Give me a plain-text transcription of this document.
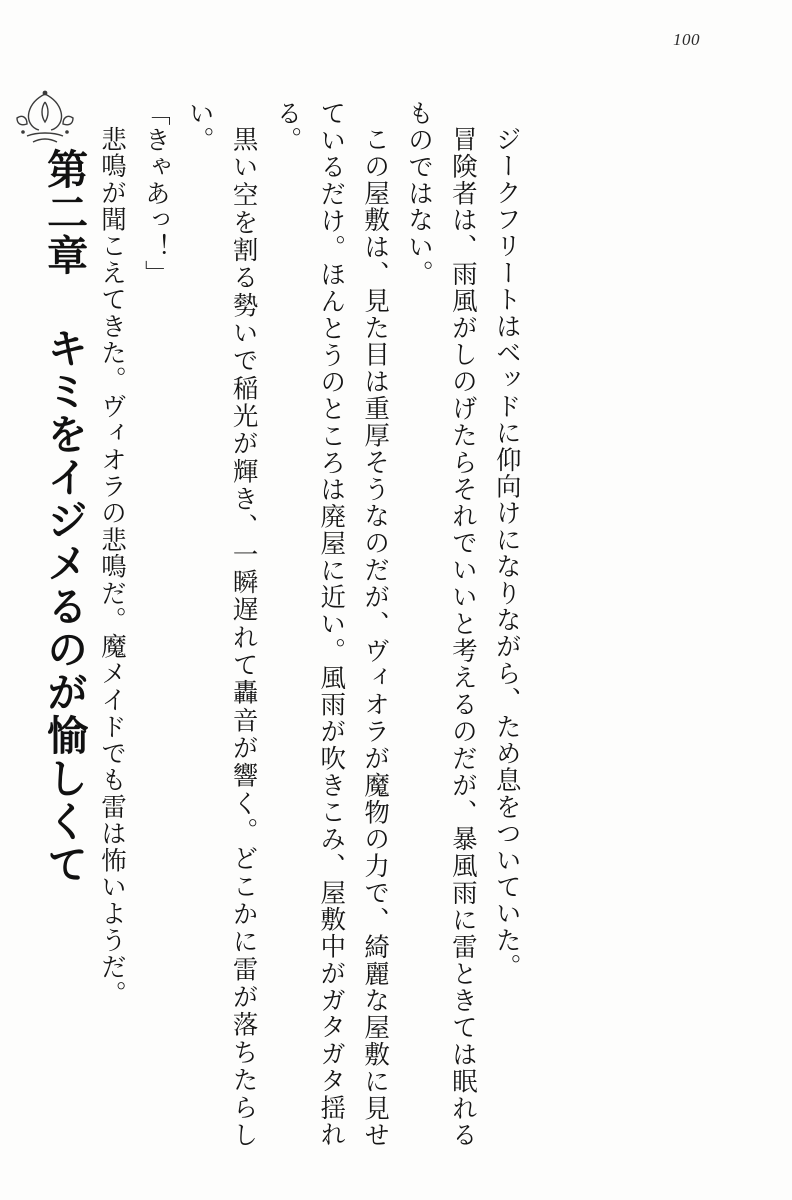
100
第二章 キミをイジメるのが愉しくて	ジークフリートはベッドに仰向けになりながら、ため息をついていた。

冒険者は、雨風がしのげたらそれでいいと考えるのだが、暴風雨に雷ときては眠れるものではない。

この屋敷は、見た目は重厚そうなのだが、ヴィオラが魔物の力で、綺麗な屋敷に見せているだけ。ほんとうのところは廃屋に近い。風雨が吹きこみ、屋敷中がガタガタ揺れる。

黒い空を割る勢いで稲光が輝き、一瞬遅れて轟音が響く。どこかに雷が落ちたらしい。

「きゃあっ！」

悲鳴が聞こえてきた。ヴィオラの悲鳴だ。魔メイドでも雷は怖いようだ。
